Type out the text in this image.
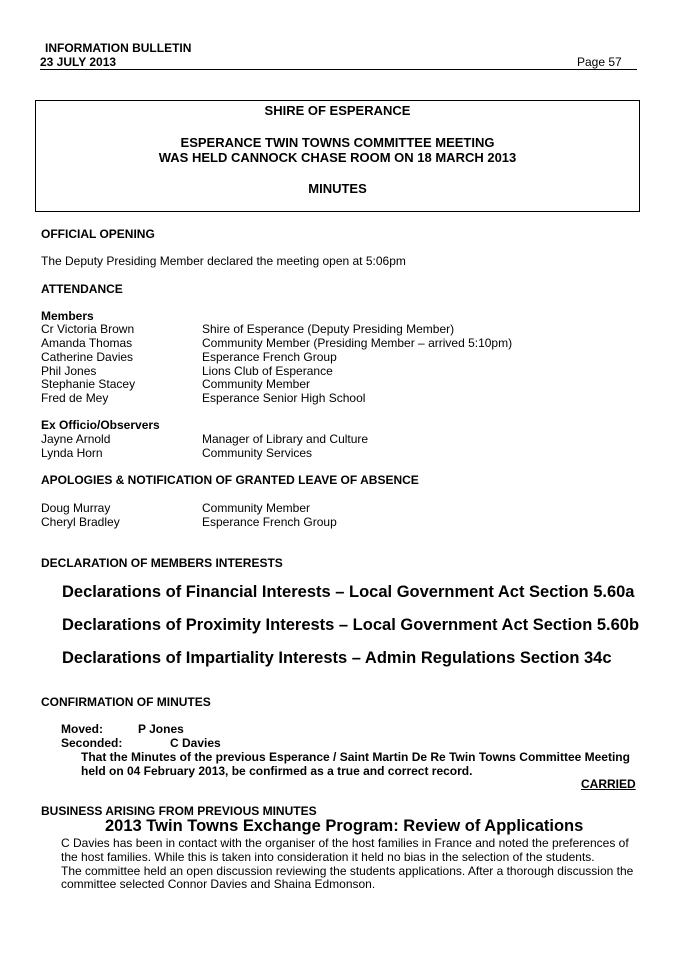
INFORMATION BULLETIN
23 JULY 2013	Page 57
SHIRE OF ESPERANCE
ESPERANCE TWIN TOWNS COMMITTEE MEETING
WAS HELD CANNOCK CHASE ROOM ON 18 MARCH 2013
MINUTES
OFFICIAL OPENING
The Deputy Presiding Member declared the meeting open at 5:06pm
ATTENDANCE
Members
Cr Victoria Brown	Shire of Esperance (Deputy Presiding Member)
Amanda Thomas	Community Member (Presiding Member – arrived 5:10pm)
Catherine Davies	Esperance French Group
Phil Jones	Lions Club of Esperance
Stephanie Stacey	Community Member
Fred de Mey	Esperance Senior High School
Ex Officio/Observers
Jayne Arnold	Manager of Library and Culture
Lynda Horn	Community Services
APOLOGIES & NOTIFICATION OF GRANTED LEAVE OF ABSENCE
Doug Murray	Community Member
Cheryl Bradley	Esperance French Group
DECLARATION OF MEMBERS INTERESTS
Declarations of Financial Interests – Local Government Act Section 5.60a
Declarations of Proximity Interests – Local Government Act Section 5.60b
Declarations of Impartiality Interests – Admin Regulations Section 34c
CONFIRMATION OF MINUTES
Moved:	P Jones
Seconded:	C Davies
That the Minutes of the previous Esperance / Saint Martin De Re Twin Towns Committee Meeting
held on 04 February 2013, be confirmed as a true and correct record.
CARRIED
BUSINESS ARISING FROM PREVIOUS MINUTES
2013 Twin Towns Exchange Program: Review of Applications
C Davies has been in contact with the organiser of the host families in France and noted the preferences of
the host families. While this is taken into consideration it held no bias in the selection of the students.
The committee held an open discussion reviewing the students applications. After a thorough discussion the
committee selected Connor Davies and Shaina Edmonson.
